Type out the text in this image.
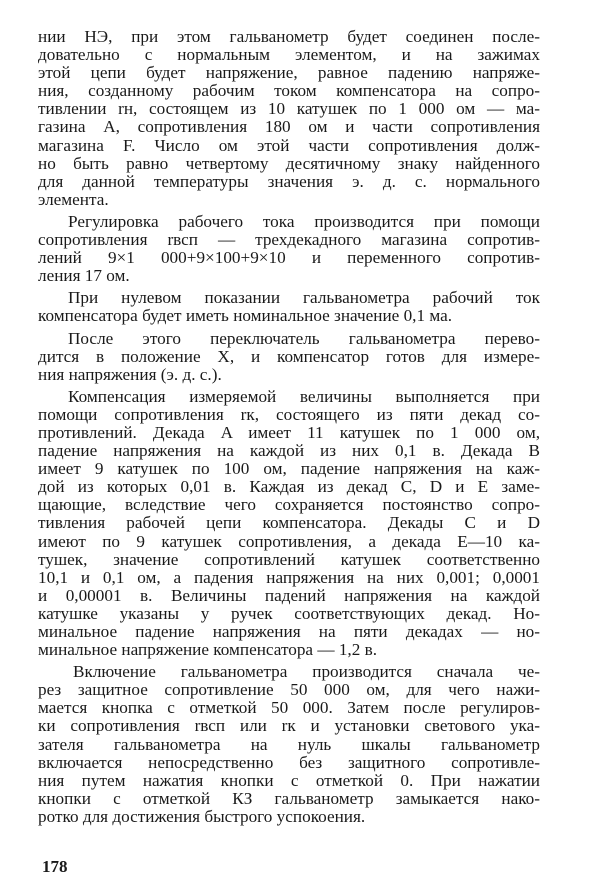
нии НЭ, при этом гальванометр будет соединен после-
довательно с нормальным элементом, и на зажимах
этой цепи будет напряжение, равное падению напряже-
ния, созданному рабочим током компенсатора на сопро-
тивлении rн, состоящем из 10 катушек по 1 000 ом — ма-
газина A, сопротивления 180 ом и части сопротивления
магазина F. Число ом этой части сопротивления долж-
но быть равно четвертому десятичному знаку найденного
для данной температуры значения э. д. с. нормального
элемента.
Регулировка рабочего тока производится при помощи
сопротивления rвсп — трехдекадного магазина сопротив-
лений 9×1 000+9×100+9×10 и переменного сопротив-
ления 17 ом.
При нулевом показании гальванометра рабочий ток
компенсатора будет иметь номинальное значение 0,1 ма.
После этого переключатель гальванометра перево-
дится в положение X, и компенсатор готов для измере-
ния напряжения (э. д. с.).
Компенсация измеряемой величины выполняется при
помощи сопротивления rк, состоящего из пяти декад со-
противлений. Декада A имеет 11 катушек по 1 000 ом,
падение напряжения на каждой из них 0,1 в. Декада B
имеет 9 катушек по 100 ом, падение напряжения на каж-
дой из которых 0,01 в. Каждая из декад C, D и E заме-
щающие, вследствие чего сохраняется постоянство сопро-
тивления рабочей цепи компенсатора. Декады C и D
имеют по 9 катушек сопротивления, а декада E—10 ка-
тушек, значение сопротивлений катушек соответственно
10,1 и 0,1 ом, а падения напряжения на них 0,001; 0,0001
и 0,00001 в. Величины падений напряжения на каждой
катушке указаны у ручек соответствующих декад. Но-
минальное падение напряжения на пяти декадах — но-
минальное напряжение компенсатора — 1,2 в.
Включение гальванометра производится сначала че-
рез защитное сопротивление 50 000 ом, для чего нажи-
мается кнопка с отметкой 50 000. Затем после регулиров-
ки сопротивления rвсп или rк и установки светового ука-
зателя гальванометра на нуль шкалы гальванометр
включается непосредственно без защитного сопротивле-
ния путем нажатия кнопки с отметкой 0. При нажатии
кнопки с отметкой КЗ гальванометр замыкается нако-
ротко для достижения быстрого успокоения.
178
